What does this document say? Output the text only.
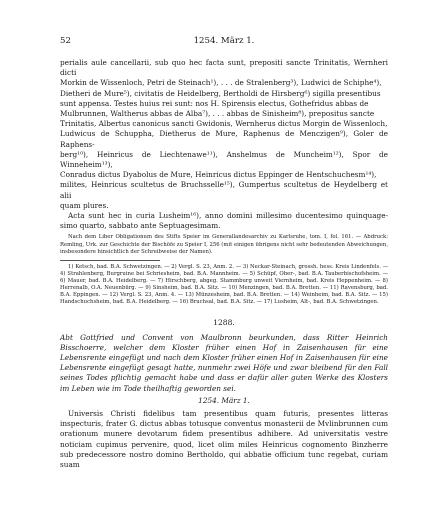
52	1254. März 1.

perialis aule cancellarii, sub quo hec facta sunt, prepositi sancte Trinitatis, Wernheri dicti

Morkin de Wissenloch, Petri de Steinach¹), . . . de Stralenberg³), Ludwici de Schiphe⁴),

Dietheri de Mure⁵), civitatis de Heidelberg, Bertholdi de Hirsberg⁶) sigilla presentibus

sunt appensa. Testes huius rei sunt: nos H. Spirensis electus, Gothefridus abbas de

Mulbrunnen, Waltherus abbas de Alba⁷), . . . abbas de Sinisheim⁸), prepositus sancte

Trinitatis, Albertus canonicus sancti Gwidonis, Wernherus dictus Morgin de Wissenloch,

Ludwicus de Schuppha, Dietherus de Mure, Raphenus de Menczigen⁹), Goler de Raphens-

berg¹⁰), Heinricus de Liechtenawe¹¹), Anshelmus de Muncheim¹²), Spor de Winneheim¹³),

Conradus dictus Dyabolus de Mure, Heinricus dictus Eppinger de Hentschuchesm¹⁴),

milites, Heinricus scultetus de Bruchsselle¹⁵), Gumpertus scultetus de Heydelberg et alii

quam plures.

Acta sunt hec in curia Lusheim¹⁶), anno domini millesimo ducentesimo quinquage-simo quarto, sabbato ante Septuagesimam.

Nach dem Liber Obligationum des Stifts Speier im Generallandesarchiv zu Karlsruhe, tom. I, fol. 161. — Abdruck: Remling, Urk. zur Geschichte der Bischöfe zu Speier I, 256 (mit einigen übrigens nicht sehr bedeutenden Abweichungen, insbesondere hinsichtlich der Schreibweise der Namen).

1) Ketsch, bad. B.A. Schwetzingen. — 2) Vergl. S. 23, Anm. 2. — 3) Neckar-Steinach, grossh. hess. Kreis Lindenfels. — 4) Strahlenberg, Burgruine bei Schriesheim, bad. B.A. Mannheim. — 5) Schüpf, Ober-, bad. B.A. Tauberbischofsheim. — 6) Mauer, bad. B.A. Heidelberg. — 7) Hirschberg, abgeg. Stammburg unweit Viernheim, bad. Kreis Heppenheim. — 8) Herrenalb, O.A. Neuenbürg. — 9) Sinsheim, bad. B.A. Sitz. — 10) Menzingen, bad. B.A. Bretten. — 11) Ravensburg, bad. B.A. Eppingen. — 12) Vergl. S. 23, Anm. 4. — 13) Münzesheim, bad. B.A. Bretten. — 14) Weinheim, bad. B.A. Sitz. — 15) Handschuchsheim, bad. B.A. Heidelberg. — 16) Bruchsal, bad. B.A. Sitz. — 17) Lusheim, Alt-, bad. B.A. Schwetzingen.

1288.

Abt Gottfried und Convent von Maulbronn beurkunden, dass Ritter Heinrich Bisschoerre, welcher dem Kloster früher einen Hof in Zaisenhausen für eine Lebensrente eingefügt und nach dem Kloster früher einen Hof in Zaisenhausen für eine Lebensrente eingefügt gesagt hatte, nunmehr zwei Höfe und zwar bleibend für den Fall seines Todes pflichtig gemacht habe und dass er dafür aller guten Werke des Klosters im Leben wie im Tode theilhaftig geworden sei.

1254. März 1.

Universis Christi fidelibus tam presentibus quam futuris, presentes litteras inspecturis, frater G. dictus abbas totusque conventus monasterii de Mvlinbrunnen cum orationum munere devotarum fidem presentibus adhibere. Ad universitatis vestre noticiam cupimus pervenire, quod, licet olim miles Heinricus cognomento Binzherre sub predecessore nostro domino Bertholdo, qui abbatie officium tunc regebat, curiam suam
